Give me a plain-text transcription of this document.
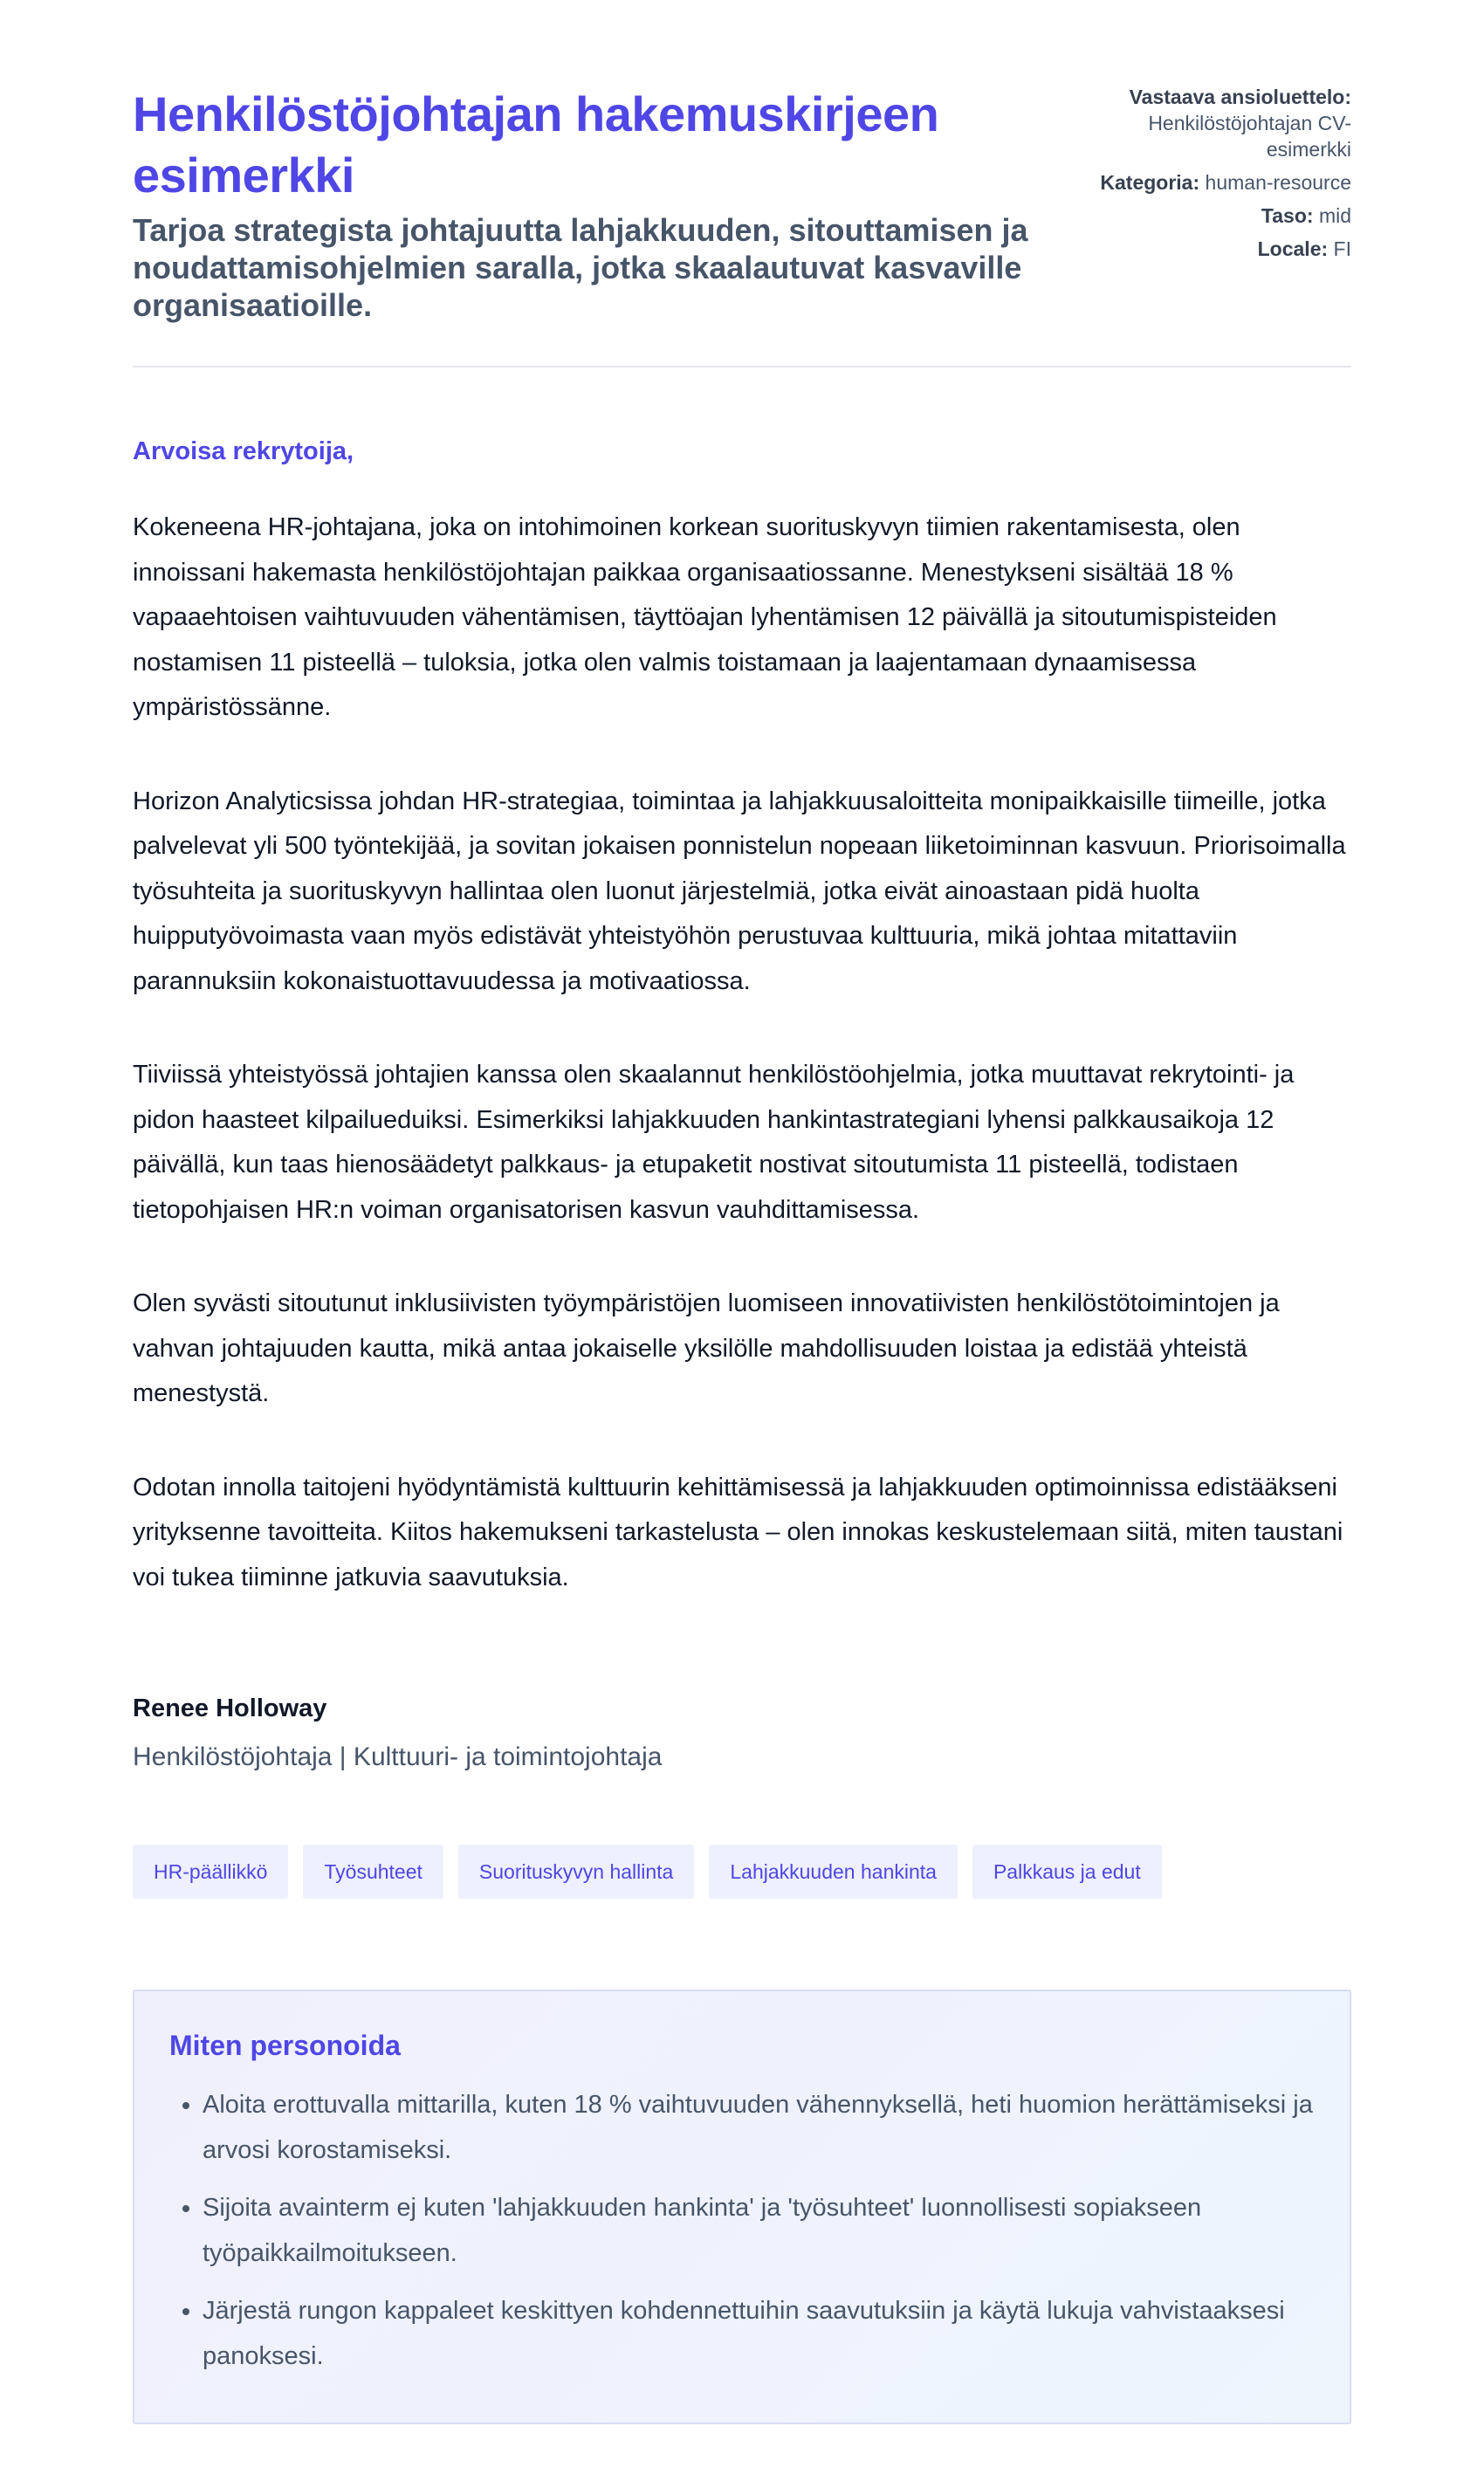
Henkilöstöjohtajan hakemuskirjeen esimerkki
Tarjoa strategista johtajuutta lahjakkuuden, sitouttamisen ja noudattamisohjelmien saralla, jotka skaalautuvat kasvaville organisaatioille.
Vastaava ansioluettelo:
Henkilöstöjohtajan CV-esimerkki
Kategoria: human-resource
Taso: mid
Locale: FI

Arvoisa rekrytoija,

Kokeneena HR-johtajana, joka on intohimoinen korkean suorituskyvyn tiimien rakentamisesta, olen innoissani hakemasta henkilöstöjohtajan paikkaa organisaatiossanne. Menestykseni sisältää 18 % vapaaehtoisen vaihtuvuuden vähentämisen, täyttöajan lyhentämisen 12 päivällä ja sitoutumispisteiden nostamisen 11 pisteellä – tuloksia, jotka olen valmis toistamaan ja laajentamaan dynaamisessa ympäristössänne.

Horizon Analyticsissa johdan HR-strategiaa, toimintaa ja lahjakkuusaloitteita monipaikkaisille tiimeille, jotka palvelevat yli 500 työntekijää, ja sovitan jokaisen ponnistelun nopeaan liiketoiminnan kasvuun. Priorisoimalla työsuhteita ja suorituskyvyn hallintaa olen luonut järjestelmiä, jotka eivät ainoastaan pidä huolta huipputyövoimasta vaan myös edistävät yhteistyöhön perustuvaa kulttuuria, mikä johtaa mitattaviin parannuksiin kokonaistuottavuudessa ja motivaatiossa.

Tiiviissä yhteistyössä johtajien kanssa olen skaalannut henkilöstöohjelmia, jotka muuttavat rekrytointi- ja pidon haasteet kilpailueduiksi. Esimerkiksi lahjakkuuden hankintastrategiani lyhensi palkkausaikoja 12 päivällä, kun taas hienosäädetyt palkkaus- ja etupaketit nostivat sitoutumista 11 pisteellä, todistaen tietopohjaisen HR:n voiman organisatorisen kasvun vauhdittamisessa.

Olen syvästi sitoutunut inklusiivisten työympäristöjen luomiseen innovatiivisten henkilöstötoimintojen ja vahvan johtajuuden kautta, mikä antaa jokaiselle yksilölle mahdollisuuden loistaa ja edistää yhteistä menestystä.

Odotan innolla taitojeni hyödyntämistä kulttuurin kehittämisessä ja lahjakkuuden optimoinnissa edistääkseni yrityksenne tavoitteita. Kiitos hakemukseni tarkastelusta – olen innokas keskustelemaan siitä, miten taustani voi tukea tiiminne jatkuvia saavutuksia.

Renee Holloway
Henkilöstöjohtaja | Kulttuuri- ja toimintojohtaja
HR-päällikkö	Työsuhteet	Suorituskyvyn hallinta	Lahjakkuuden hankinta	Palkkaus ja edut
Miten personoida
• Aloita erottuvalla mittarilla, kuten 18 % vaihtuvuuden vähennyksellä, heti huomion herättämiseksi ja arvosi korostamiseksi.
• Sijoita avainterm ej kuten 'lahjakkuuden hankinta' ja 'työsuhteet' luonnollisesti sopiakseen työpaikkailmoitukseen.
• Järjestä rungon kappaleet keskittyen kohdennettuihin saavutuksiin ja käytä lukuja vahvistaaksesi panoksesi.
